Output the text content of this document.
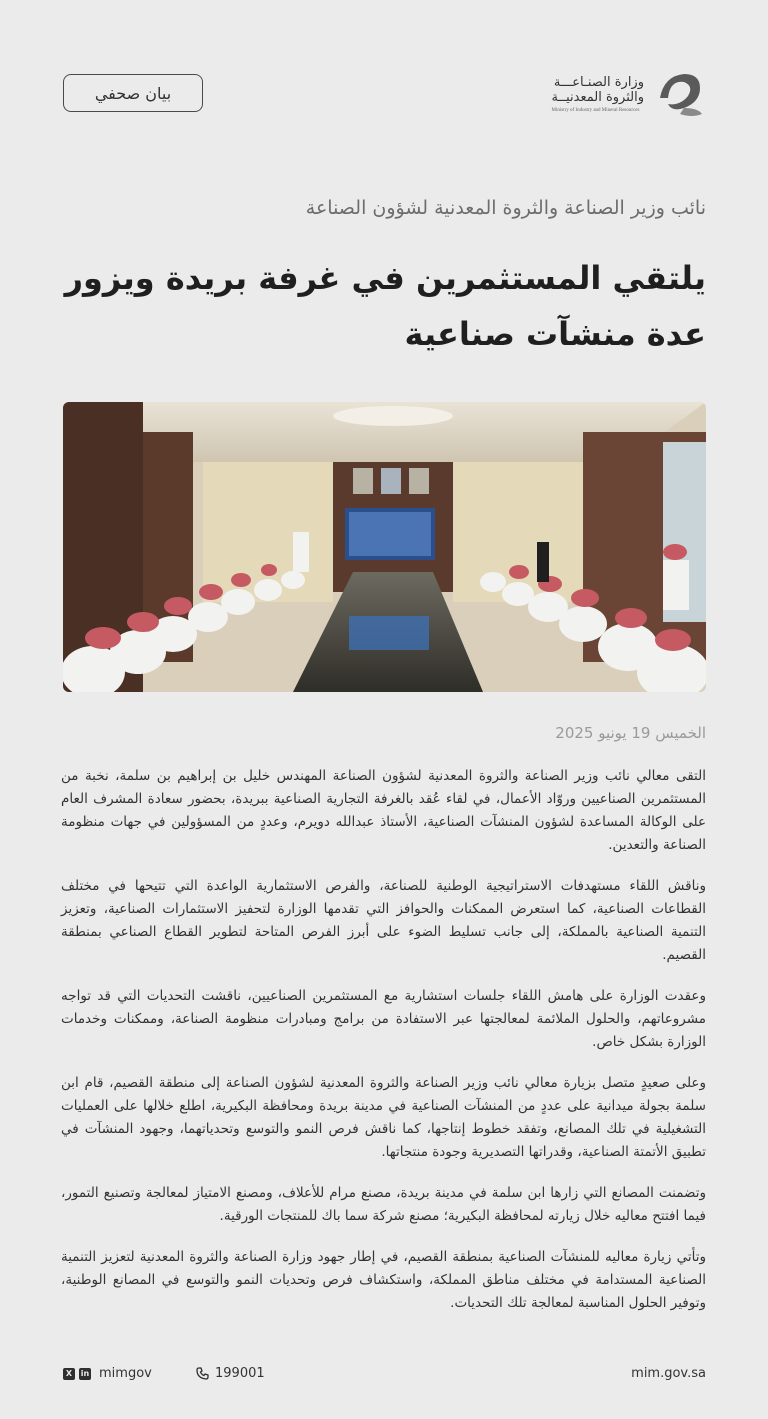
وزارة الصنـاعـــة
والثروة المعدنيــة
Ministry of Industry and Mineral Resources
بيان صحفي
نائب وزير الصناعة والثروة المعدنية لشؤون الصناعة
يلتقي المستثمرين في غرفة بريدة ويزور عدة منشآت صناعية
الخميس 19 يونيو 2025

التقى معالي نائب وزير الصناعة والثروة المعدنية لشؤون الصناعة المهندس خليل بن إبراهيم بن سلمة، نخبة من المستثمرين الصناعيين وروّاد الأعمال، في لقاء عُقد بالغرفة التجارية الصناعية ببريدة، بحضور سعادة المشرف العام على الوكالة المساعدة لشؤون المنشآت الصناعية، الأستاذ عبدالله دويرم، وعددٍ من المسؤولين في جهات منظومة الصناعة والتعدين.

وناقش اللقاء مستهدفات الاستراتيجية الوطنية للصناعة، والفرص الاستثمارية الواعدة التي تتيحها في مختلف القطاعات الصناعية، كما استعرض الممكنات والحوافز التي تقدمها الوزارة لتحفيز الاستثمارات الصناعية، وتعزيز التنمية الصناعية بالمملكة، إلى جانب تسليط الضوء على أبرز الفرص المتاحة لتطوير القطاع الصناعي بمنطقة القصيم.

وعقدت الوزارة على هامش اللقاء جلسات استشارية مع المستثمرين الصناعيين، ناقشت التحديات التي قد تواجه مشروعاتهم، والحلول الملائمة لمعالجتها عبر الاستفادة من برامج ومبادرات منظومة الصناعة، وممكنات وخدمات الوزارة بشكل خاص.

وعلى صعيدٍ متصل بزيارة معالي نائب وزير الصناعة والثروة المعدنية لشؤون الصناعة إلى منطقة القصيم، قام ابن سلمة بجولة ميدانية على عددٍ من المنشآت الصناعية في مدينة بريدة ومحافظة البكيرية، اطلع خلالها على العمليات التشغيلية في تلك المصانع، وتفقد خطوط إنتاجها، كما ناقش فرص النمو والتوسع وتحدياتهما، وجهود المنشآت في تطبيق الأتمتة الصناعية، وقدراتها التصديرية وجودة منتجاتها.

وتضمنت المصانع التي زارها ابن سلمة في مدينة بريدة، مصنع مرام للأعلاف، ومصنع الامتياز لمعالجة وتصنيع التمور، فيما افتتح معاليه خلال زيارته لمحافظة البكيرية؛ مصنع شركة سما باك للمنتجات الورقية.

وتأتي زيارة معاليه للمنشآت الصناعية بمنطقة القصيم، في إطار جهود وزارة الصناعة والثروة المعدنية لتعزيز التنمية الصناعية المستدامة في مختلف مناطق المملكة، واستكشاف فرص وتحديات النمو والتوسع في المصانع الوطنية، وتوفير الحلول المناسبة لمعالجة تلك التحديات.

X	in mimgov	199001	mim.gov.sa
